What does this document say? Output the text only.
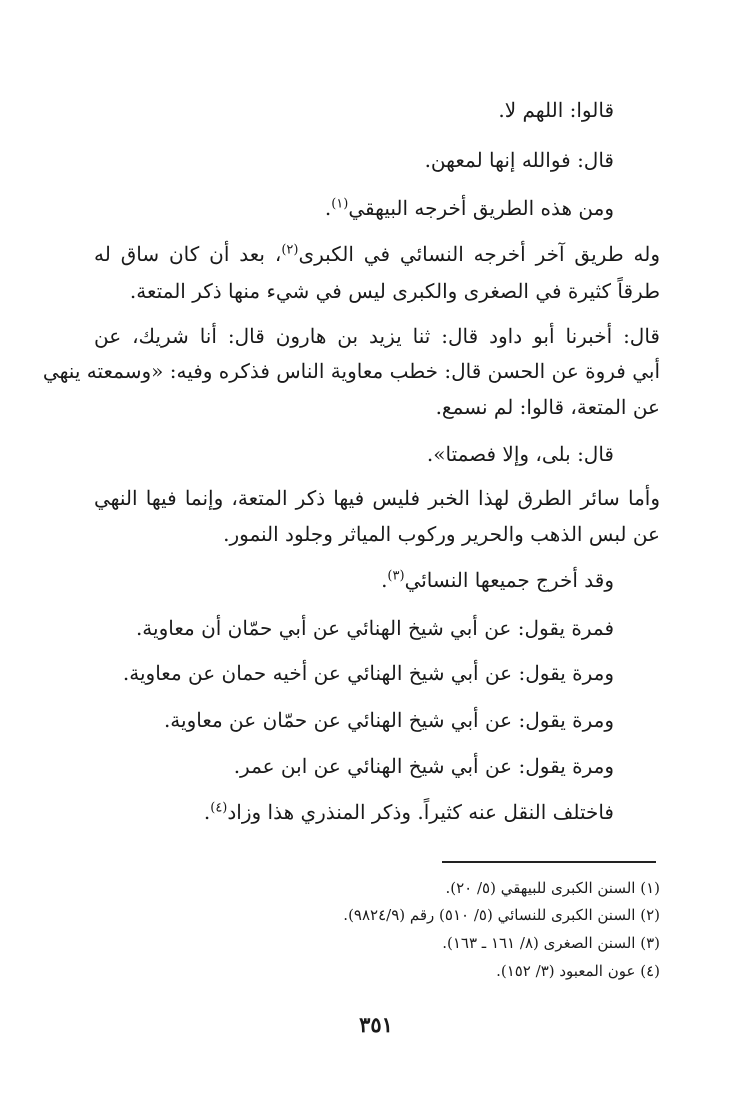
قالوا: اللهم لا.
قال: فوالله إنها لمعهن.
ومن هذه الطريق أخرجه البيهقي$^{(١)}$.
وله طريق آخر أخرجه النسائي في الكبرى$^{(٢)}$، بعد أن كان ساق له
طرقاً كثيرة في الصغرى والكبرى ليس في شيء منها ذكر المتعة.
قال: أخبرنا أبو داود قال: ثنا يزيد بن هارون قال: أنا شريك، عن
أبي فروة عن الحسن قال: خطب معاوية الناس فذكره وفيه: «وسمعته ينهي
عن المتعة، قالوا: لم نسمع.
قال: بلى، وإلا فصمتا».
وأما سائر الطرق لهذا الخبر فليس فيها ذكر المتعة، وإنما فيها النهي
عن لبس الذهب والحرير وركوب المياثر وجلود النمور.
وقد أخرج جميعها النسائي$^{(٣)}$.
فمرة يقول: عن أبي شيخ الهنائي عن أبي حمّان أن معاوية.
ومرة يقول: عن أبي شيخ الهنائي عن أخيه حمان عن معاوية.
ومرة يقول: عن أبي شيخ الهنائي عن حمّان عن معاوية.
ومرة يقول: عن أبي شيخ الهنائي عن ابن عمر.
فاختلف النقل عنه كثيراً. وذكر المنذري هذا وزاد$^{(٤)}$.
(١) السنن الكبرى للبيهقي (٥/ ٢٠).
(٢) السنن الكبرى للنسائي (٥/ ٥١٠) رقم (٩٨٢٤/٩).
(٣) السنن الصغرى (٨/ ١٦١ ـ ١٦٣).
(٤) عون المعبود (٣/ ١٥٢).
٣٥١
